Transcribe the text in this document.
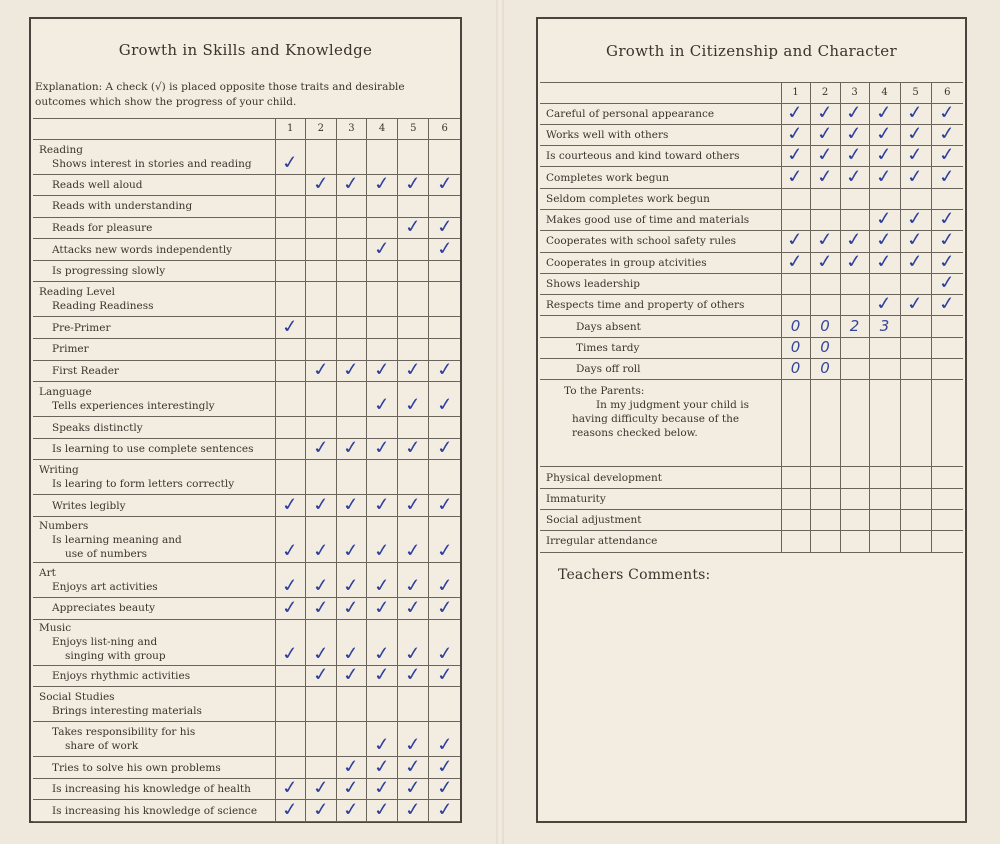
Growth in Skills and Knowledge
Explanation: A check (√) is placed opposite those traits and desirable
outcomes which show the progress of your child.
	1	2	3	4	5	6

Reading
Shows interest in stories and reading	✓					

Reads well aloud		✓	✓	✓	✓	✓

Reads with understanding						

Reads for pleasure					✓	✓

Attacks new words independently				✓		✓

Is progressing slowly						

Reading Level
Reading Readiness						

Pre-Primer	✓					

Primer						

First Reader		✓	✓	✓	✓	✓

Language
Tells experiences interestingly				✓	✓	✓

Speaks distinctly						

Is learning to use complete sentences		✓	✓	✓	✓	✓

Writing
Is learing to form letters correctly						

Writes legibly	✓	✓	✓	✓	✓	✓

Numbers
Is learning meaning and
use of numbers	✓	✓	✓	✓	✓	✓

Art
Enjoys art activities	✓	✓	✓	✓	✓	✓

Appreciates beauty	✓	✓	✓	✓	✓	✓

Music
Enjoys list-ning and
singing with group	✓	✓	✓	✓	✓	✓

Enjoys rhythmic activities		✓	✓	✓	✓	✓

Social Studies
Brings interesting materials						

Takes responsibility for his
share of work				✓	✓	✓

Tries to solve his own problems			✓	✓	✓	✓

Is increasing his knowledge of health	✓	✓	✓	✓	✓	✓

Is increasing his knowledge of science	✓	✓	✓	✓	✓	✓
Growth in Citizenship and Character
	1	2	3	4	5	6
Careful of personal appearance	✓	✓	✓	✓	✓	✓
Works well with others	✓	✓	✓	✓	✓	✓
Is courteous and kind toward others	✓	✓	✓	✓	✓	✓
Completes work begun	✓	✓	✓	✓	✓	✓
Seldom completes work begun						
Makes good use of time and materials				✓	✓	✓
Cooperates with school safety rules	✓	✓	✓	✓	✓	✓
Cooperates in group atcivities	✓	✓	✓	✓	✓	✓
Shows leadership						✓
Respects time and property of others				✓	✓	✓
Days absent	0	0	2	3		
Times tardy	0	0				
Days off roll	0	0				

To the Parents:
In my judgment your child is
having difficulty because of the
reasons checked below.						

Physical development						
Immaturity						
Social adjustment						
Irregular attendance						
Teachers Comments:
